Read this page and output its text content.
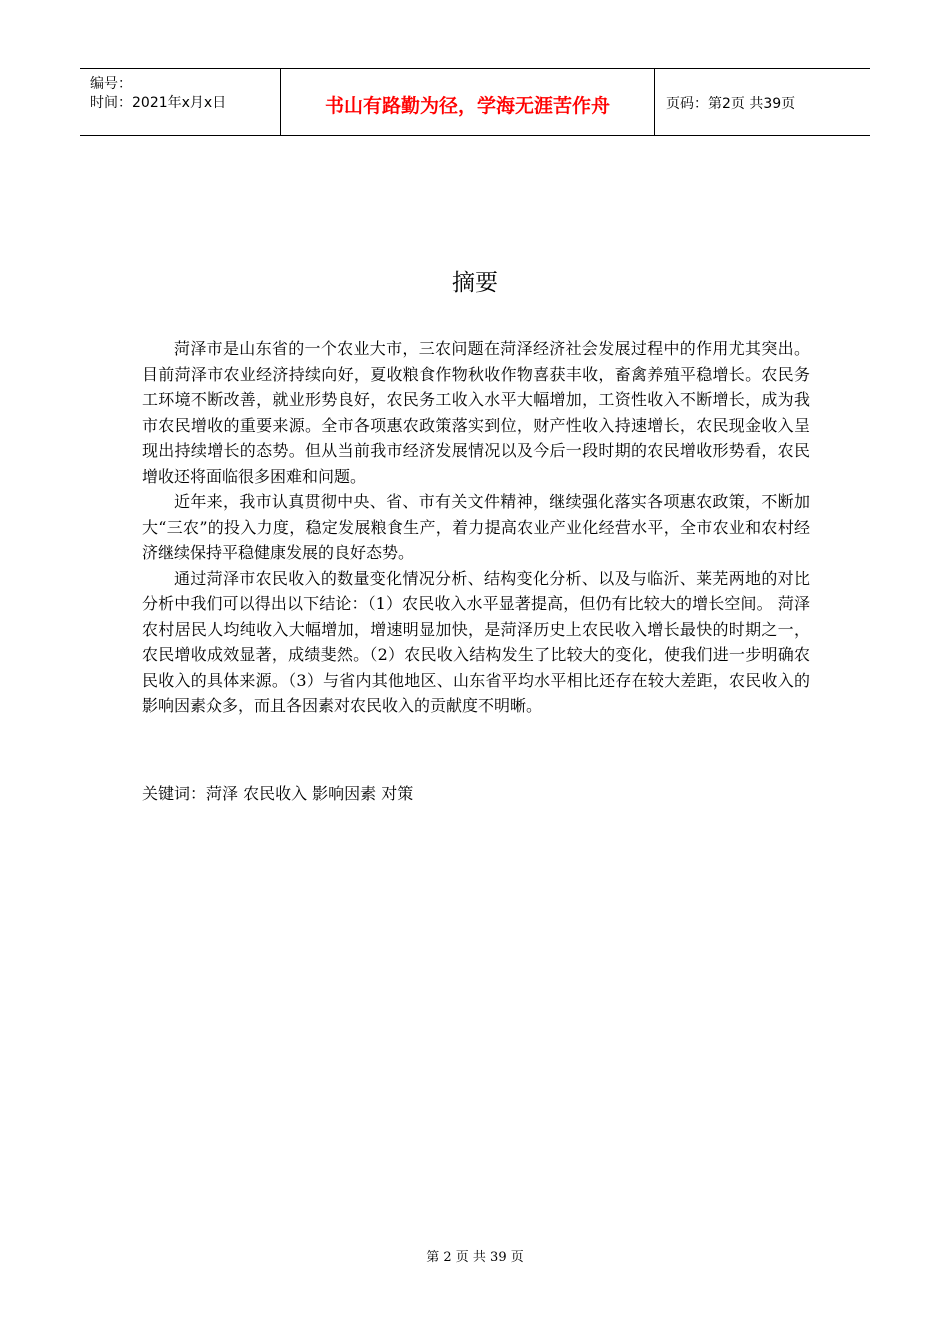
编号：
时间：2021年x月x日	书山有路勤为径，学海无涯苦作舟	页码：第2页 共39页
摘要

菏泽市是山东省的一个农业大市，三农问题在菏泽经济社会发展过程中的作用尤其突出。目前菏泽市农业经济持续向好，夏收粮食作物秋收作物喜获丰收，畜禽养殖平稳增长。农民务工环境不断改善，就业形势良好，农民务工收入水平大幅增加，工资性收入不断增长，成为我市农民增收的重要来源。全市各项惠农政策落实到位，财产性收入持速增长，农民现金收入呈现出持续增长的态势。但从当前我市经济发展情况以及今后一段时期的农民增收形势看，农民增收还将面临很多困难和问题。

近年来，我市认真贯彻中央、省、市有关文件精神，继续强化落实各项惠农政策，不断加大“三农”的投入力度，稳定发展粮食生产，着力提高农业产业化经营水平，全市农业和农村经济继续保持平稳健康发展的良好态势。

通过菏泽市农民收入的数量变化情况分析、结构变化分析、以及与临沂、莱芜两地的对比分析中我们可以得出以下结论：（1）农民收入水平显著提高，但仍有比较大的增长空间。 菏泽农村居民人均纯收入大幅增加，增速明显加快，是菏泽历史上农民收入增长最快的时期之一，农民增收成效显著，成绩斐然。（2）农民收入结构发生了比较大的变化，使我们进一步明确农民收入的具体来源。（3）与省内其他地区、山东省平均水平相比还存在较大差距，农民收入的影响因素众多，而且各因素对农民收入的贡献度不明晰。

关键词：菏泽 农民收入 影响因素 对策
第 2 页 共 39 页
